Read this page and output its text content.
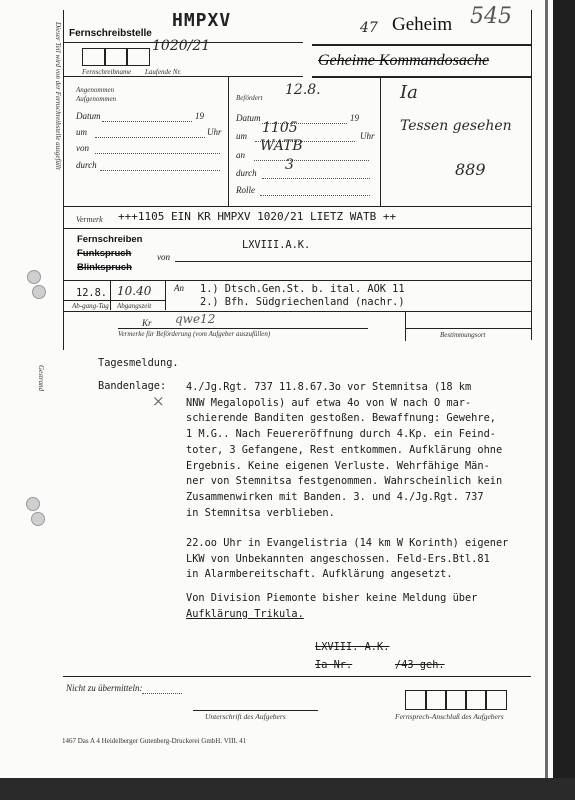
Dieser Teil wird von der Fernschreibstelle ausgefüllt
Gestrand
Fernschreibstelle
HMPXV
1020/21
Fernschreibname Laufende Nr.
47 Geheim 545
Geheime Kommandosache
Angenommen
Aufgenommen
Datum	19
um	Uhr
von
durch
Befördert 12.8.
Datum	19
um 1105	Uhr
an
WATB
durch 3
Rolle
Ia
Tessen gesehen
889
Vermerk +++1105 EIN KR HMPXV 1020/21 LIETZ WATB ++
Fernschreiben
Funkspruch
Blinkspruch
von
LXVIII.A.K.
12.8. 10.40
Ab-gang-Tag Abgangszeit
An 1.) Dtsch.Gen.St. b. ital. AOK 11
2.) Bfh. Südgriechenland (nachr.)
Kr qwe12
Vermerke für Beförderung (vom Aufgeber auszufüllen)	Bestimmungsort
Tagesmeldung.
Bandenlage:
×
4./Jg.Rgt. 737 11.8.67.3o vor Stemnitsa (18 km
NNW Megalopolis) auf etwa 4o von W nach O mar-
schierende Banditen gestoßen. Bewaffnung: Gewehre,
1 M.G.. Nach Feuereröffnung durch 4.Kp. ein Feind-
toter, 3 Gefangene, Rest entkommen. Aufklärung ohne
Ergebnis. Keine eigenen Verluste. Wehrfähige Män-
ner von Stemnitsa festgenommen. Wahrscheinlich kein
Zusammenwirken mit Banden. 3. und 4./Jg.Rgt. 737
in Stemnitsa verblieben.
22.oo Uhr in Evangelistria (14 km W Korinth) eigener
LKW von Unbekannten angeschossen. Feld-Ers.Btl.81
in Alarmbereitschaft. Aufklärung angesetzt.
Von Division Piemonte bisher keine Meldung über
Aufklärung Trikula.
LXVIII. A.K.
Ia Nr.	/43 geh.
Nicht zu übermitteln:
Unterschrift des Aufgebers	Fernsprech-Anschluß des Aufgebers
1467 Das A 4 Heidelberger Gutenberg-Druckerei GmbH. VIII. 41
